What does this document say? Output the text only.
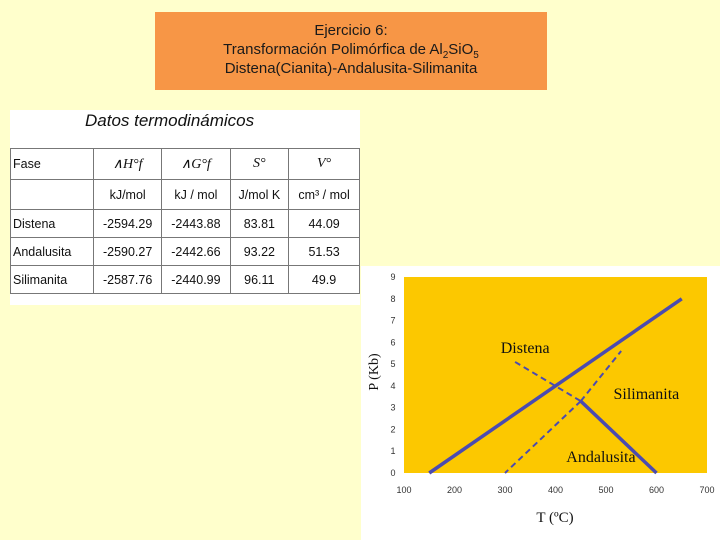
Ejercicio 6:
Transformación Polimórfica de $Al_2SiO_5$
Distena(Cianita)-Andalusita-Silimanita
Datos termodinámicos
Fase	∧H°f	∧G°f	S°	V°
	kJ/mol	kJ / mol	J/mol K	cm³ / mol
Distena	-2594.29	-2443.88	83.81	44.09
Andalusita	-2590.27	-2442.66	93.22	51.53
Silimanita	-2587.76	-2440.99	96.11	49.9
0
1
2
3
4
5
6
7
8
9
100	200	300	400	500	600	700
P (Kb)
T (ºC)
Distena
Silimanita
Andalusita
